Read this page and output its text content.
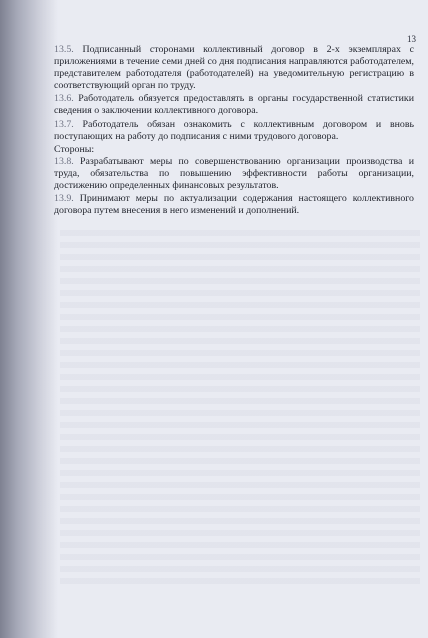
13

13.5. Подписанный сторонами коллективный договор в 2-х экземплярах с приложениями в течение семи дней со дня подписания направляются работодателем, представителем работодателя (работодателей) на уведомительную регистрацию в соответствующий орган по труду.

13.6. Работодатель обязуется предоставлять в органы государственной статистики сведения о заключении коллективного договора.

13.7. Работодатель обязан ознакомить с коллективным договором и вновь поступающих на работу до подписания с ними трудового договора.

Стороны:

13.8. Разрабатывают меры по совершенствованию организации производства и труда, обязательства по повышению эффективности работы организации, достижению определенных финансовых результатов.

13.9. Принимают меры по актуализации содержания настоящего коллективного договора путем внесения в него изменений и дополнений.
